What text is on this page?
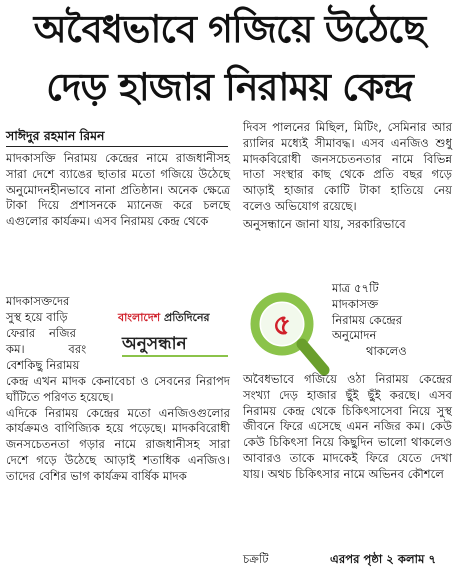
অবৈধভাবে গজিয়ে উঠেছে
দেড় হাজার নিরাময় কেন্দ্র
সাঈদুর রহমান রিমন

মাদকাসক্তি নিরাময় কেন্দ্রের নামে রাজধানীসহ সারা দেশে ব্যাঙের ছাতার মতো গজিয়ে উঠেছে অনুমোদনহীনভাবে নানা প্রতিষ্ঠান। অনেক ক্ষেত্রে টাকা দিয়ে প্রশাসনকে ম্যানেজ করে চলছে এগুলোর কার্যক্রম। এসব নিরাময় কেন্দ্র থেকে

মাদকাসক্তদের
সুস্থ হয়ে বাড়ি
ফেরার নজির
কম। বরং
বেশকিছু নিরাময়

কেন্দ্র এখন মাদক কেনাবেচা ও সেবনের নিরাপদ ঘাঁটিতে পরিণত হয়েছে।

এদিকে নিরাময় কেন্দ্রের মতো এনজিওগুলোর কার্যক্রমও বাণিজ্যিক হয়ে পড়েছে। মাদকবিরোধী জনসচেতনতা গড়ার নামে রাজধানীসহ সারা দেশে গড়ে উঠেছে আড়াই শতাধিক এনজিও। তাদের বেশির ভাগ কার্যক্রম বার্ষিক মাদক

দিবস পালনের মিছিল, মিটিং, সেমিনার আর র‌্যালির মধ্যেই সীমাবদ্ধ। এসব এনজিও শুধু মাদকবিরোধী জনসচেতনতার নামে বিভিন্ন দাতা সংস্থার কাছ থেকে প্রতি বছর গড়ে আড়াই হাজার কোটি টাকা হাতিয়ে নেয় বলেও অভিযোগ রয়েছে।

অনুসন্ধানে জানা যায়, সরকারিভাবে

মাত্র ৫৭টি

মাদকাসক্ত

নিরাময় কেন্দ্রের

অনুমোদন

থাকলেও

অবৈধভাবে গজিয়ে ওঠা নিরাময় কেন্দ্রের সংখ্যা দেড় হাজার ছুঁই ছুঁই করছে। এসব নিরাময় কেন্দ্র থেকে চিকিৎসাসেবা নিয়ে সুস্থ জীবনে ফিরে এসেছে এমন নজির কম। কেউ কেউ চিকিৎসা নিয়ে কিছুদিন ভালো থাকলেও আবারও তাকে মাদকেই ফিরে যেতে দেখা যায়। অথচ চিকিৎসার নামে অভিনব কৌশলে

চক্রটি	এরপর পৃষ্ঠা ২ কলাম ৭
বাংলাদেশ প্রতিদিনের
অনুসন্ধান
৫
